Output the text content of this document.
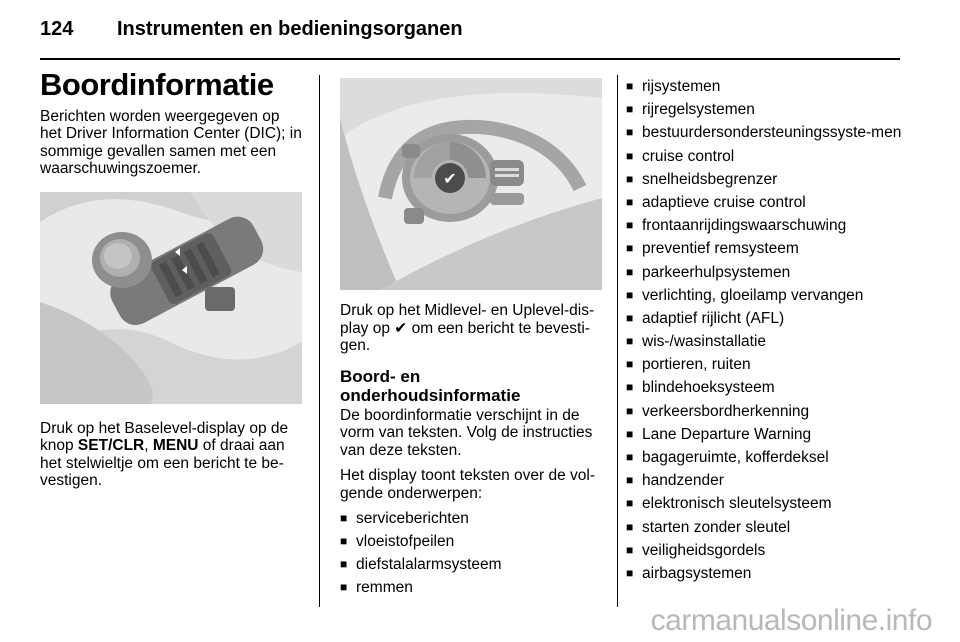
124 Instrumenten en bedieningsorganen
Boordinformatie

Berichten worden weergegeven op het Driver Information Center (DIC); in sommige gevallen samen met een waarschuwingszoemer.

Druk op het Baselevel-display op de knop SET/CLR, MENU of draai aan het stelwieltje om een bericht te be-vestigen.

✔

Druk op het Midlevel- en Uplevel-dis-play op ✔ om een bericht te bevesti-gen.

Boord- en onderhoudsinformatie

De boordinformatie verschijnt in de vorm van teksten. Volg de instructies van deze teksten.

Het display toont teksten over de vol-gende onderwerpen:

■ serviceberichten
■ vloeistofpeilen
■ diefstalalarmsysteem
■ remmen
■ rijsystemen
■ rijregelsystemen
■ bestuurdersondersteuningssyste-men
■ cruise control
■ snelheidsbegrenzer
■ adaptieve cruise control
■ frontaanrijdingswaarschuwing
■ preventief remsysteem
■ parkeerhulpsystemen
■ verlichting, gloeilamp vervangen
■ adaptief rijlicht (AFL)
■ wis-/wasinstallatie
■ portieren, ruiten
■ blindehoeksysteem
■ verkeersbordherkenning
■ Lane Departure Warning
■ bagageruimte, kofferdeksel
■ handzender
■ elektronisch sleutelsysteem
■ starten zonder sleutel
■ veiligheidsgordels
■ airbagsystemen
carmanualsonline.info
